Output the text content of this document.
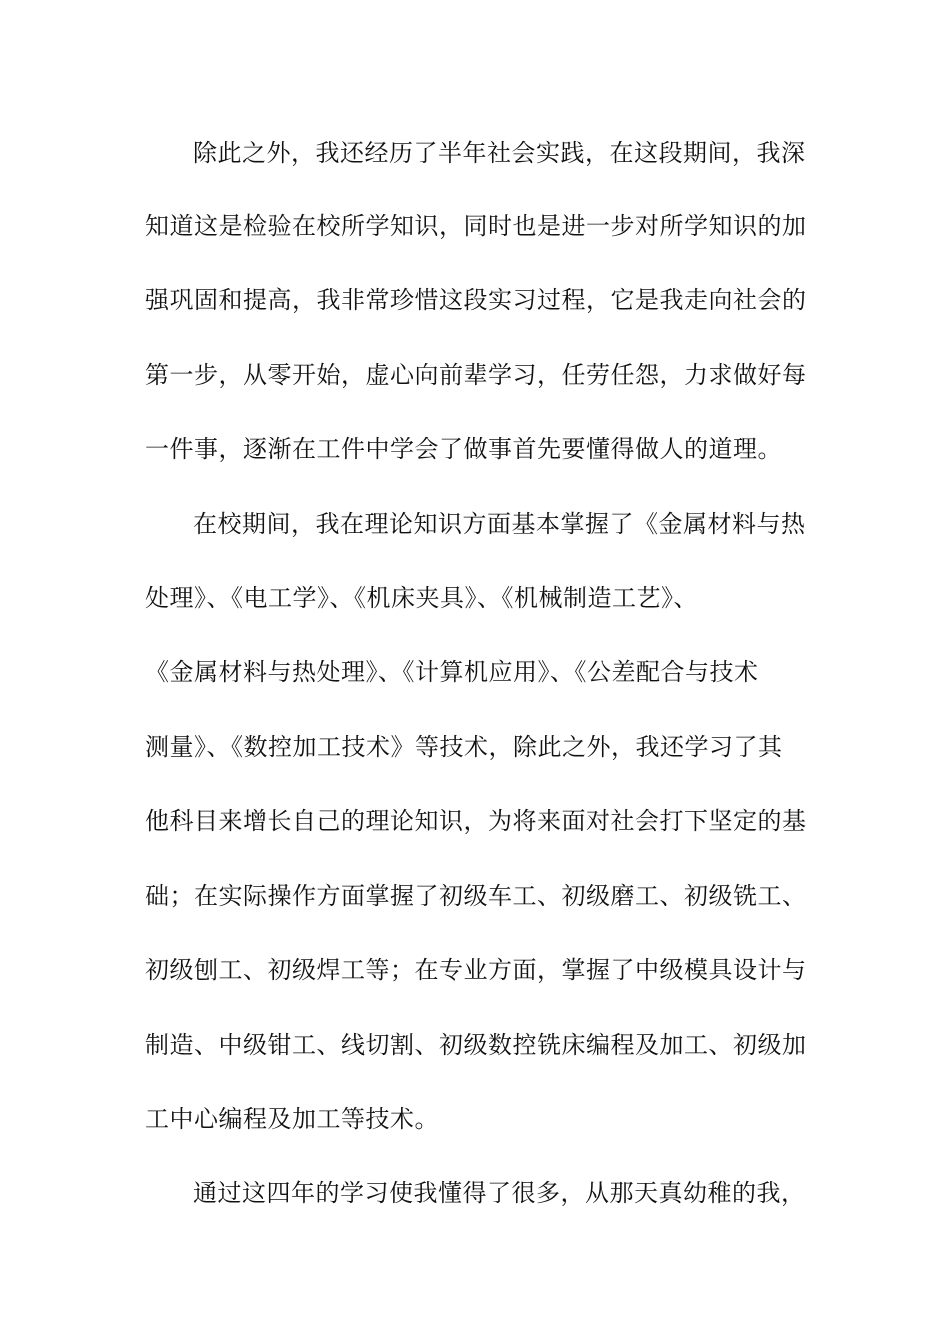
除此之外，我还经历了半年社会实践，在这段期间，我深
知道这是检验在校所学知识，同时也是进一步对所学知识的加
强巩固和提高，我非常珍惜这段实习过程，它是我走向社会的
第一步，从零开始，虚心向前辈学习，任劳任怨，力求做好每
一件事，逐渐在工件中学会了做事首先要懂得做人的道理。
在校期间，我在理论知识方面基本掌握了《金属材料与热
处理》、《电工学》、《机床夹具》、《机械制造工艺》、
《金属材料与热处理》、《计算机应用》、《公差配合与技术
测量》、《数控加工技术》等技术，除此之外，我还学习了其
他科目来增长自己的理论知识，为将来面对社会打下坚定的基
础；在实际操作方面掌握了初级车工、初级磨工、初级铣工、
初级刨工、初级焊工等；在专业方面，掌握了中级模具设计与
制造、中级钳工、线切割、初级数控铣床编程及加工、初级加
工中心编程及加工等技术。
通过这四年的学习使我懂得了很多，从那天真幼稚的我，
